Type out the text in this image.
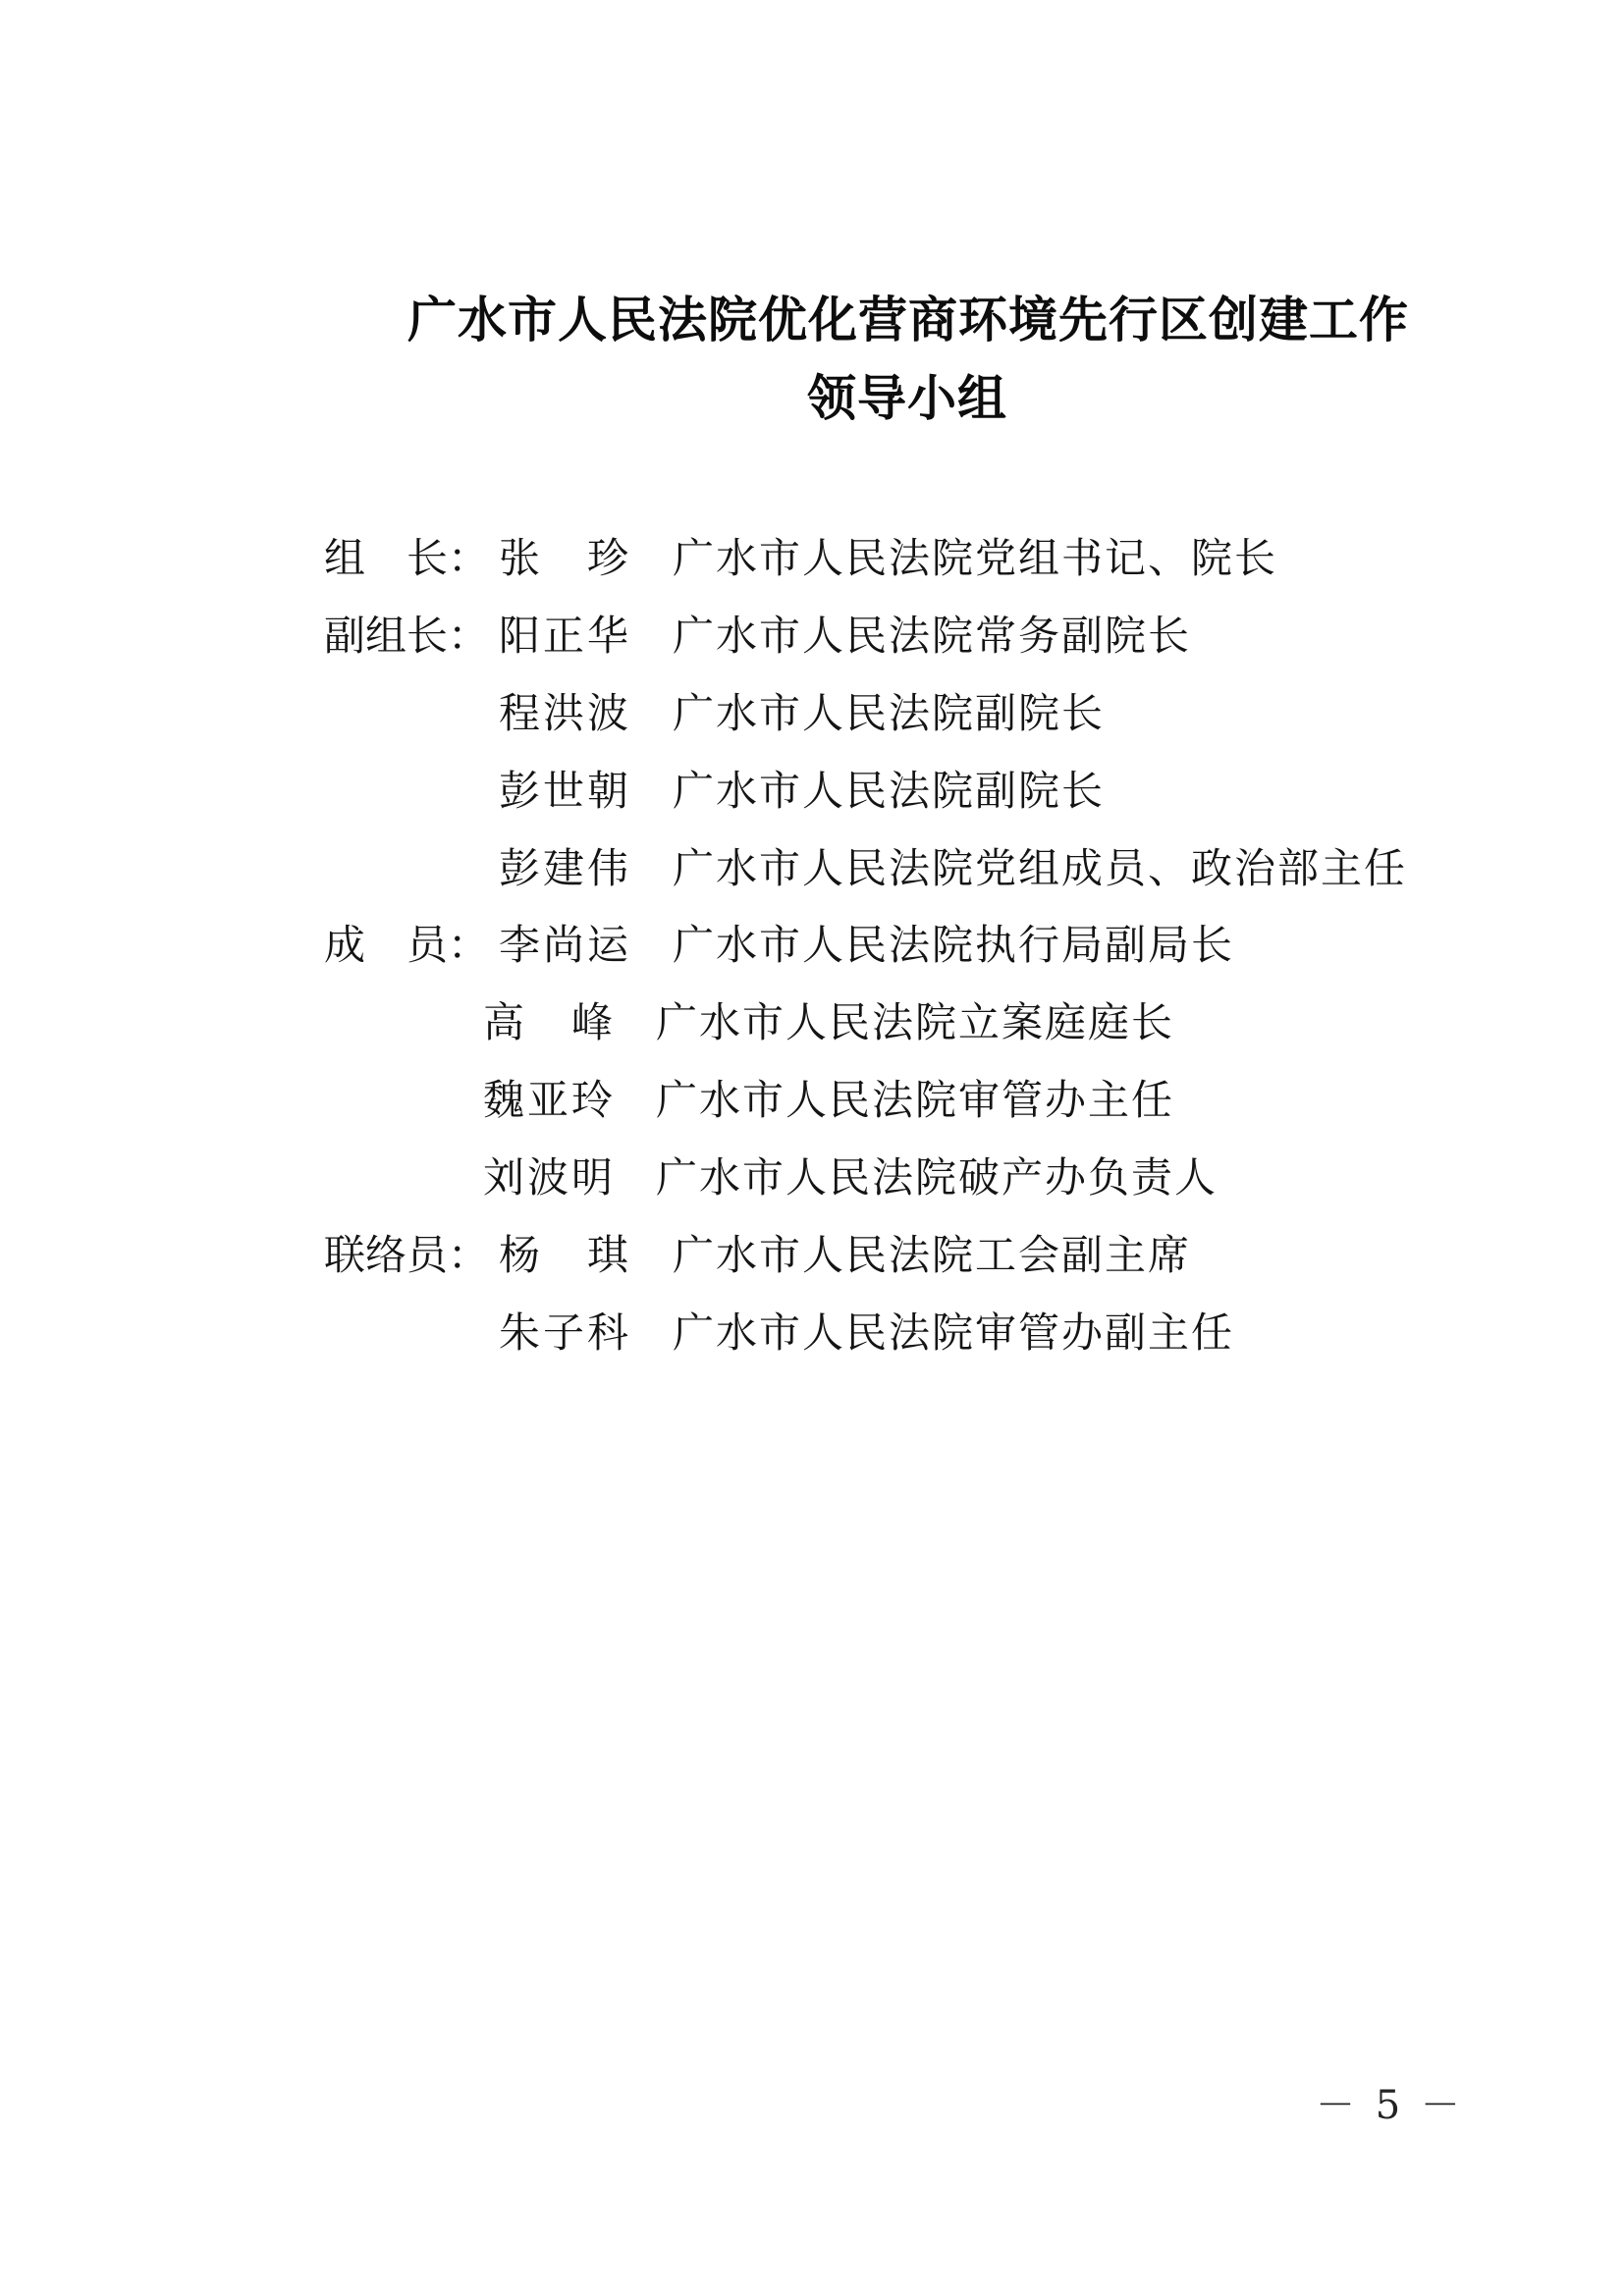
广水市人民法院优化营商环境先行区创建工作
领导小组
组　长： 张　珍 广水市人民法院党组书记、院长
副组长： 阳正华 广水市人民法院常务副院长
程洪波 广水市人民法院副院长
彭世朝 广水市人民法院副院长
彭建伟 广水市人民法院党组成员、政治部主任
成　员： 李尚运 广水市人民法院执行局副局长
高　峰 广水市人民法院立案庭庭长
魏亚玲 广水市人民法院审管办主任
刘波明 广水市人民法院破产办负责人
联络员： 杨　琪 广水市人民法院工会副主席
朱子科 广水市人民法院审管办副主任
－ 5 －
